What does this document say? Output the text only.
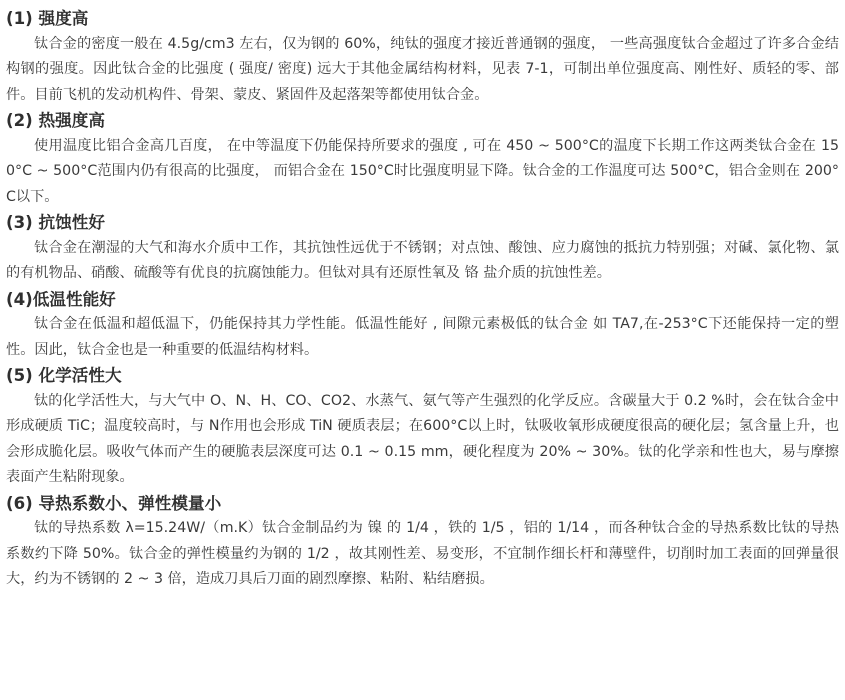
(1) 强度高

钛合金的密度一般在 4.5g/cm3 左右，仅为钢的 60%，纯钛的强度才接近普通钢的强度， 一些高强度钛合金超过了许多合金结构钢的强度。因此钛合金的比强度 ( 强度/ 密度) 远大于其他金属结构材料，见表 7-1，可制出单位强度高、刚性好、质轻的零、部件。目前飞机的发动机构件、骨架、蒙皮、紧固件及起落架等都使用钛合金。

(2) 热强度高

使用温度比铝合金高几百度， 在中等温度下仍能保持所要求的强度 , 可在 450 ~ 500°C的温度下长期工作这两类钛合金在 150°C ~ 500°C范围内仍有很高的比强度， 而铝合金在 150°C时比强度明显下降。钛合金的工作温度可达 500°C，铝合金则在 200°C以下。

(3) 抗蚀性好

钛合金在潮湿的大气和海水介质中工作，其抗蚀性远优于不锈钢；对点蚀、酸蚀、应力腐蚀的抵抗力特别强；对碱、氯化物、氯的有机物品、硝酸、硫酸等有优良的抗腐蚀能力。但钛对具有还原性氧及 铬 盐介质的抗蚀性差。

(4)低温性能好

钛合金在低温和超低温下，仍能保持其力学性能。低温性能好 , 间隙元素极低的钛合金 如 TA7,在-253°C下还能保持一定的塑性。因此，钛合金也是一种重要的低温结构材料。

(5) 化学活性大

钛的化学活性大，与大气中 O、N、H、CO、CO2、水蒸气、氨气等产生强烈的化学反应。含碳量大于 0.2 %时，会在钛合金中形成硬质 TiC；温度较高时，与 N作用也会形成 TiN 硬质表层；在600°C以上时，钛吸收氧形成硬度很高的硬化层；氢含量上升，也会形成脆化层。吸收气体而产生的硬脆表层深度可达 0.1 ~ 0.15 mm，硬化程度为 20% ~ 30%。钛的化学亲和性也大，易与摩擦表面产生粘附现象。

(6) 导热系数小、弹性模量小

钛的导热系数 λ=15.24W/（m.K）钛合金制品约为 镍 的 1/4 ，铁的 1/5 ，铝的 1/14 ，而各种钛合金的导热系数比钛的导热系数约下降 50%。钛合金的弹性模量约为钢的 1/2 ，故其刚性差、易变形，不宜制作细长杆和薄壁件，切削时加工表面的回弹量很大，约为不锈钢的 2 ~ 3 倍，造成刀具后刀面的剧烈摩擦、粘附、粘结磨损。
